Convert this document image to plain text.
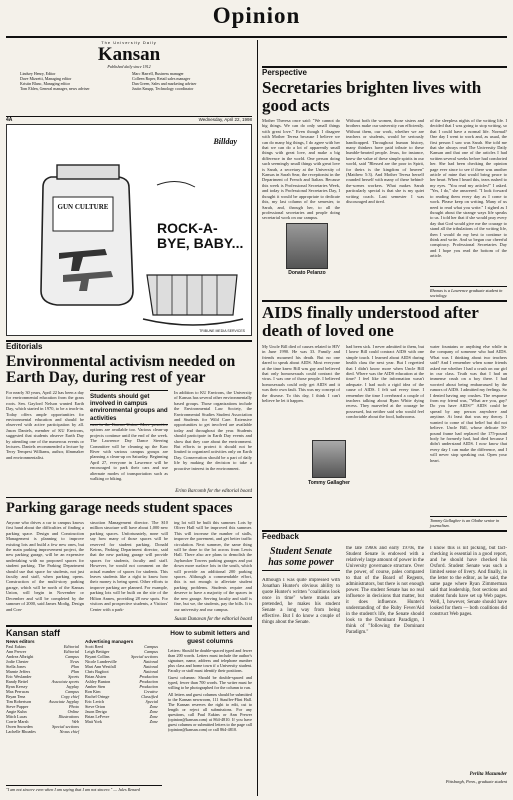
Opinion
The University Daily
Kansan
Published daily since 1912
Lindsey Henry, Editor	Marc Harrell, Business manager
Dave Mizzetti, Managing editor	Colleen Roper, Retail sales manager
Kristin Blanc, Managing editor	Dan Green, Sales and marketing adviser
Tom Eblen, General manager, news adviser	Justin Knupp, Technology coordinator
4A	Wednesday, April 22, 1998
Billday
GUN CULTURE
ROCK-A-BYE, BABY...
TRIBUNE MEDIA SERVICES
Editorials
Environmental activism needed on Earth Day, during rest of year
For nearly 30 years, April 22 has been a day for environmental education from the grass roots. Sen. Gaylord Nelson wanted Earth Day, which started in 1970, to be a teach-in. Today offers ample opportunities for environmental education and should be observed with active participation by all. Jason Daniels, member of KU Environs, suggested that students observe Earth Day by attending one of the numerous events or lectures. Daniels recommended a lecture by Terry Tempest Williams, author, filmmaker and environmentalist.
Students should get involved in campus environmental groups and activities
cuss in the Kansas Union. More proactive options are available too. Various clean-up projects continue until the end of the week. The Lawrence Day Dance Steering Committee will be cleaning up the Kaw River with various campus groups are planning a clean-up on Saturday. Beginning April 27, everyone in Lawrence will be encouraged to park their cars and use alternate modes of transportation such as walking or biking.
In addition to KU Environs, the University of Kansas has several other environmentally based groups. Those organizations include the Environmental Law Society, the Environmental Studies Student Association and Students for Wild Care. Extensive opportunities to get involved are available today and throughout the year. Students should participate in Earth Day events and show that they care about the environment. But efforts to protect it should not be limited to organized activities only on Earth Day. Conservation should be a part of daily life by making the decision to take a proactive interest in the environment.
Erinn Barcomb for the editorial board
Parking garage needs student spaces
Anyone who drives a car to campus knows first hand about the difficulties of finding a parking space. Design and Construction Management is planning to improve existing lots and build a few new ones, but the main parking improvement project, the new parking garage, will be an expensive undertaking with no proposed spaces for student parking. The Parking Department should use that space for students, not just faculty and staff, when parking opens. Construction of the multi-story parking garage, which will be north of the Kansas Union, will begin in November or December and will be completed by the summer of 2000, said James Modig, Design and Con-
struction Management director. The $10 million structure will have about 1,000 new parking spaces. Unfortunately, none will say how many of those spaces will be reserved for student parking. Donald Keirns, Parking Department director, said that the new parking garage will provide spaces for students, faculty and staff. However, he would not comment on the actual number of spaces for students. This leaves students like a right to know how their money is being spent. Other efforts to improve parking are planned. For example, parking lots will be built on the site of the Hilton Annex, providing 28 new spots. For visitors and prospective students, a Visitors' Center with a park-
ing lot will be built this summer. Lots by Oliver Hall will be improved this summer. This will increase the number of stalls, improve the pavement, and get better traffic circulation. Next summer, the same thing will be done to the lot across from Lewis Hall. There also are plans to demolish the Jayhawker Towers parking garages and put down more surface lots in the south, which will provide an additional 200 parking spaces. Although a commendable effort, this is not enough to alleviate student parking problems. Students require and deserve to have a majority of the spaces in the new garage. Serving faculty and staff is fine, but we, the students, pay the bills. It is our university and our campus.
Susan Dunavan for the editorial board
Kansan staff
News editors
Paul Eakins	Editorial
Ann Prewer	Editorial
Andrea Albright	Campus
Jodie Chester	News
Stella Jones	Plan
Marnie Jeffers	Plan
Eric Weslander	Sports
Randy Beitel	Associate sports
Ryan Kersey	Jayplay
Max Perrucas	Campus
Bryan Tenz	Copy chief
Tim Robertson	Associate Jayplay
Steve Pupper	Photo
Angie Kuhn	Online
Mitch Lucas	Illustrations
Corrie Marsh	Web
Owen Snowden	Special sections
Lachelle Rhoades	Nexus chief
Advertising managers
Scott Reed	Campus
Leigh Bettiger	Campus
Bryant Collins	Special sections
Nicole Lunderville	National
Mari Ann Westfall	National
Chris Bagfoot	National
Brian Alsten	Production
Ashley Bunton	Production
Amber Sten	Production
Ron Kim	Creative
Rachel Oringe	Classified
Eric Lerich	Special
Steve Orion	Zone
Jason Derigo	Zone
Brian LeFevre	Zone
Matt York	Zone
"I am not sincere even when I am saying that I am not sincere." — Jules Renard
How to submit letters and guest columns
Letters: Should be double-spaced typed and fewer than 200 words. Letters must include the author's signature, name, address and telephone number plus class and home town if a University student. Faculty or staff must identify their positions.
Guest columns: Should be double-spaced and typed, fewer than 700 words. The writer must be willing to be photographed for the column to run.
All letters and guest columns should be submitted to the Kansan newsroom, 111 Stauffer-Flint Hall. The Kansan reserves the right to edit, cut to length or reject all submissions. For any questions, call Paul Eakins or Ann Prewer (opinion@kansan.com) at 864-4810. If you have guest columns or submitted letters to the page call (opinion@kansan.com) or call 864-4810.
Perspective
Secretaries brighten lives with good acts
Mother Theresa once said: "We cannot do big things. We can do only small things with great love." Even though I disagree with Mother Teresa because I believe we can do many big things, I do agree with her that we can do a lot of apparently small things with great love, and make a big difference in the world. One person doing such seemingly small things with great love is Sarah, a secretary at the University of Kansas in Sarah Sear, the receptionist in the Department of French and Italian. Because this week is Professional Secretaries Week, and today is Professional Secretaries Day, I thought it would be appropriate to dedicate this, my last column of the semester, to Sarah, and, through her, to all the professional secretaries and people doing secretarial work on our campus.
Donato Pelanzo
Without both the women, those sisters and brothers make our university run efficiently. Without them, our work, whether we are teachers or students, would be seriously handicapped. Throughout human history, many thinkers have paid tribute to these humble-hearted people. Jesus, for instance, knew the value of these simple spirits in our world, said "Blessed are the poor in Spirit, for theirs is the kingdom of heaven" (Matthew 5:3). And Mother Teresa herself rounded herself with many of these behind-the-scenes workers. What makes Sarah particularly special is that she is my quiet writing coach. Last semester I was discouraged and tired.
of the sleepless nights of the writing life. I decided that I was going to stop writing, so that I could have a normal life. Normal? One day I went to work and, as usual, the first person I saw was Sarah. She told me that she always read The University Daily Kansan and that one of the articles I had written several weeks before had comforted her. She had been checking the opinion page ever since to see if there was another article of mine that would bring peace to her heart. When I heard this, tears rushed to my eyes. "You read my articles!" I asked. "Yes, I do," she answered. "I look forward to reading them every day as I come to work. Please keep on writing. Many of us need to read what you write." I sighed as I thought about the strange ways life speaks to us. I told her that if she would pray every day that God would give me the courage to stand all the tribulations of the writing life, then I would do my best to continue to think and write. And so began our cheerful conspiracy. Professional Secretaries Day and I hope you read the bottom of the article.
Rhonas is a Lawrence graduate student in sociology.
AIDS finally understood after death of loved one
My Uncle Bill died of causes related to HIV in June 1990. He was 33. Family and friends mourned his death. But no one dared to speak about AIDS. Most everyone at the time knew Bill was gay and believed that only homosexuals could contract the virus. I was one of those people. I believed homosexuals could only get AIDS and it was their own fault. This was my concept of the disease. To this day, I think I can't believe he let it happen.
Tommy Gallagher
had been sick. I never admitted to them, but I knew Bill could contract AIDS with one simple touch. I learned about AIDS during health class the next year. But I regretted that I didn't know more when Uncle Bill died. Where was the AIDS education at the time? I feel like the information wasn't adequate. I had such a rigid idea of the cause of AIDS. I felt sad every time. I remember the time I overheard a couple of teachers talking about Ryan White dying recess. They marveled at the courage he possessed, but neither said who would feel comfortable about the food, bathrooms.
water fountains or anything else while in the company of someone who had AIDS. What was I thinking about two teachers said? And I remember when some friends asked me whether I had a crush on our girl in our class. Truth was that I had an immense crush on a boy there. I had worried about being embarrassed by the rumors of AIDS. I admitted my feelings. So I denied having any crushes. The response from my friend was, "What are you, gay? Do you have AIDS?" AIDS could be spread by any person anywhere and anytime. At least that was my theory. I wanted to come of that belief but did not believe. Uncle Bill, whose delicate 50-pound frame had replaced the 175-pound body he formerly had, had died because I didn't understand AIDS. I now know that every day I can make the difference, and I will never stop speaking out. Open your heart.
Tommy Gallagher is an Olathe senior in journalism.
Feedback
Student Senate has some power
Although I was quite impressed with Jonathan Hunter's obvious ability to quote Hunter's written "coalitions look once in time" where masks are pretended, he makes his student Senate a long way from being effective. But I do know a couple of things about the Senate.
the late 1960s and early 1970s, the Student Senate is endowed with a relatively large amount of power in the University governance structure. Over the power, of course, pales compared to that of the Board of Regents, administrators, but there is not enough power. The student Senate has no real influence in decisions that matter, but it does influence. Hunter's understanding of the Ruby Fever/Aid in the student's life, the Senate should look to the Dominant Paradigm, I think of "following the Dominant Paradigm."
I know this is nit picking, but fact-checking is essential in a good report, and he should have checked his Oxford. Student Senate was such a limited sense of livery. And finally, in the letter to the editor, as he said, the same page where Ryan Zimmerman said that leadership, foot sections and student funds have set up Web pages. Well, I, however, Senate should have looked for them — both coalitions did construct Web pages.
Perlita Mazumder
Pittsburgh, Penn., graduate student
